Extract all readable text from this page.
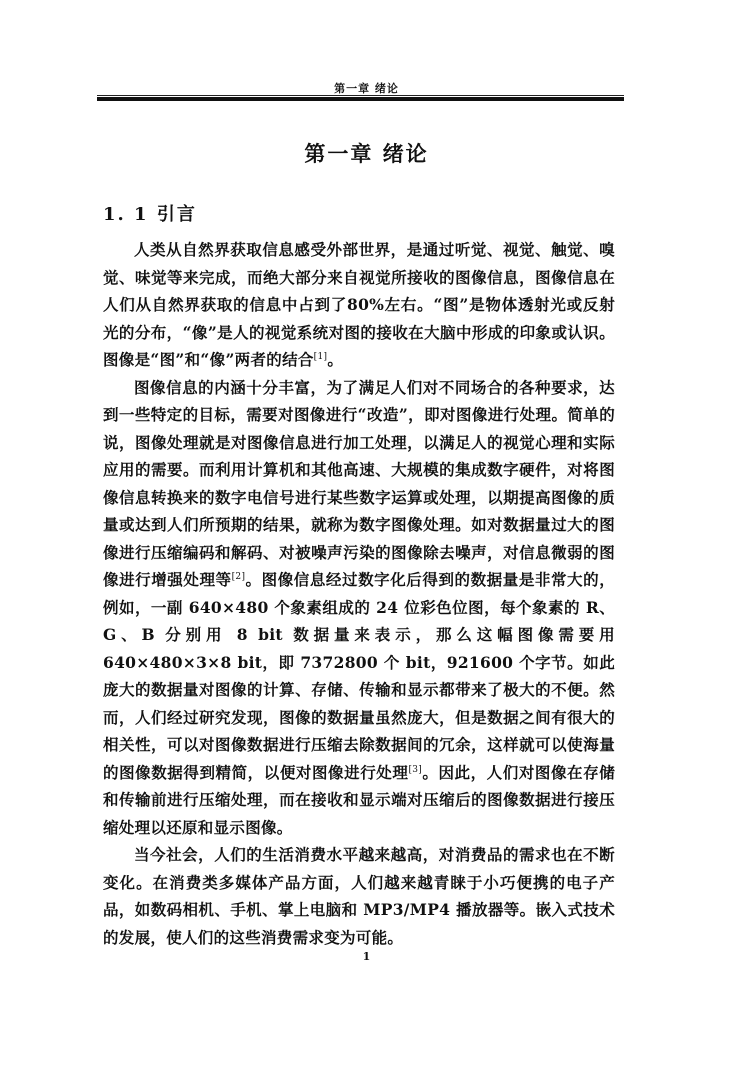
第一章 绪论
第一章 绪论
1. 1 引言

人类从自然界获取信息感受外部世界，是通过听觉、视觉、触觉、嗅觉、味觉等来完成，而绝大部分来自视觉所接收的图像信息，图像信息在人们从自然界获取的信息中占到了80%左右。“图”是物体透射光或反射光的分布，“像”是人的视觉系统对图的接收在大脑中形成的印象或认识。图像是“图”和“像”两者的结合[1]。

图像信息的内涵十分丰富，为了满足人们对不同场合的各种要求，达到一些特定的目标，需要对图像进行“改造”，即对图像进行处理。简单的说，图像处理就是对图像信息进行加工处理，以满足人的视觉心理和实际应用的需要。而利用计算机和其他高速、大规模的集成数字硬件，对将图像信息转换来的数字电信号进行某些数字运算或处理，以期提高图像的质量或达到人们所预期的结果，就称为数字图像处理。如对数据量过大的图像进行压缩编码和解码、对被噪声污染的图像除去噪声，对信息微弱的图像进行增强处理等[2]。图像信息经过数字化后得到的数据量是非常大的，例如，一副 640×480 个象素组成的 24 位彩色位图，每个象素的 R、G、B 分别用 8 bit 数据量来表示，那么这幅图像需要用 640×480×3×8 bit，即 7372800 个 bit，921600 个字节。如此庞大的数据量对图像的计算、存储、传输和显示都带来了极大的不便。然而，人们经过研究发现，图像的数据量虽然庞大，但是数据之间有很大的相关性，可以对图像数据进行压缩去除数据间的冗余，这样就可以使海量的图像数据得到精简，以便对图像进行处理[3]。因此，人们对图像在存储和传输前进行压缩处理，而在接收和显示端对压缩后的图像数据进行接压缩处理以还原和显示图像。

当今社会，人们的生活消费水平越来越高，对消费品的需求也在不断变化。在消费类多媒体产品方面，人们越来越青睐于小巧便携的电子产品，如数码相机、手机、掌上电脑和 MP3/MP4 播放器等。嵌入式技术的发展，使人们的这些消费需求变为可能。

1
